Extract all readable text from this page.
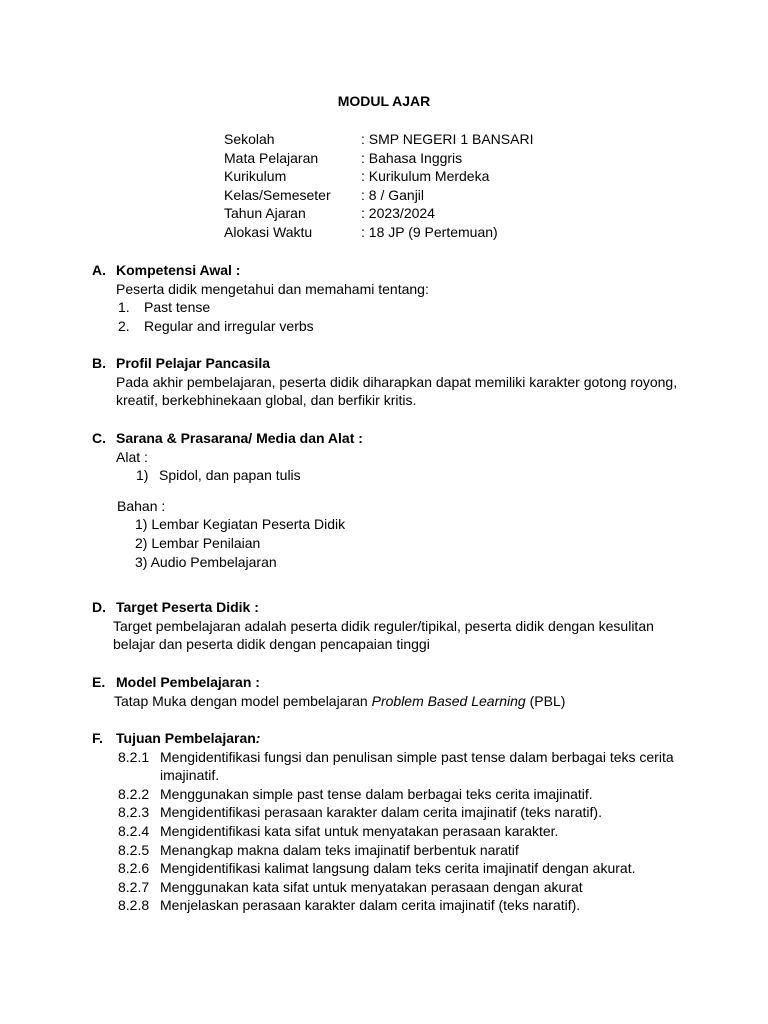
MODUL AJAR
Sekolah	: SMP NEGERI 1 BANSARI
Mata Pelajaran	: Bahasa Inggris
Kurikulum	: Kurikulum Merdeka
Kelas/Semeseter	: 8 / Ganjil
Tahun Ajaran	: 2023/2024
Alokasi Waktu	: 18 JP (9 Pertemuan)
A. Kompetensi Awal :
Peserta didik mengetahui dan memahami tentang:
1.	Past tense
2.	Regular and irregular verbs
B. Profil Pelajar Pancasila
Pada akhir pembelajaran, peserta didik diharapkan dapat memiliki karakter gotong royong,
kreatif, berkebhinekaan global, dan berfikir kritis.
C. Sarana & Prasarana/ Media dan Alat :
Alat :
1) Spidol, dan papan tulis
Bahan :
1) Lembar Kegiatan Peserta Didik
2) Lembar Penilaian
3) Audio Pembelajaran
D. Target Peserta Didik :
Target pembelajaran adalah peserta didik reguler/tipikal, peserta didik dengan kesulitan
belajar dan peserta didik dengan pencapaian tinggi
E. Model Pembelajaran :
Tatap Muka dengan model pembelajaran Problem Based Learning (PBL)
F. Tujuan Pembelajaran :
8.2.1 Mengidentifikasi fungsi dan penulisan simple past tense dalam berbagai teks cerita imajinatif.
8.2.2 Menggunakan simple past tense dalam berbagai teks cerita imajinatif.
8.2.3 Mengidentifikasi perasaan karakter dalam cerita imajinatif (teks naratif).
8.2.4 Mengidentifikasi kata sifat untuk menyatakan perasaan karakter.
8.2.5 Menangkap makna dalam teks imajinatif berbentuk naratif
8.2.6 Mengidentifikasi kalimat langsung dalam teks cerita imajinatif dengan akurat.
8.2.7 Menggunakan kata sifat untuk menyatakan perasaan dengan akurat
8.2.8 Menjelaskan perasaan karakter dalam cerita imajinatif (teks naratif).
